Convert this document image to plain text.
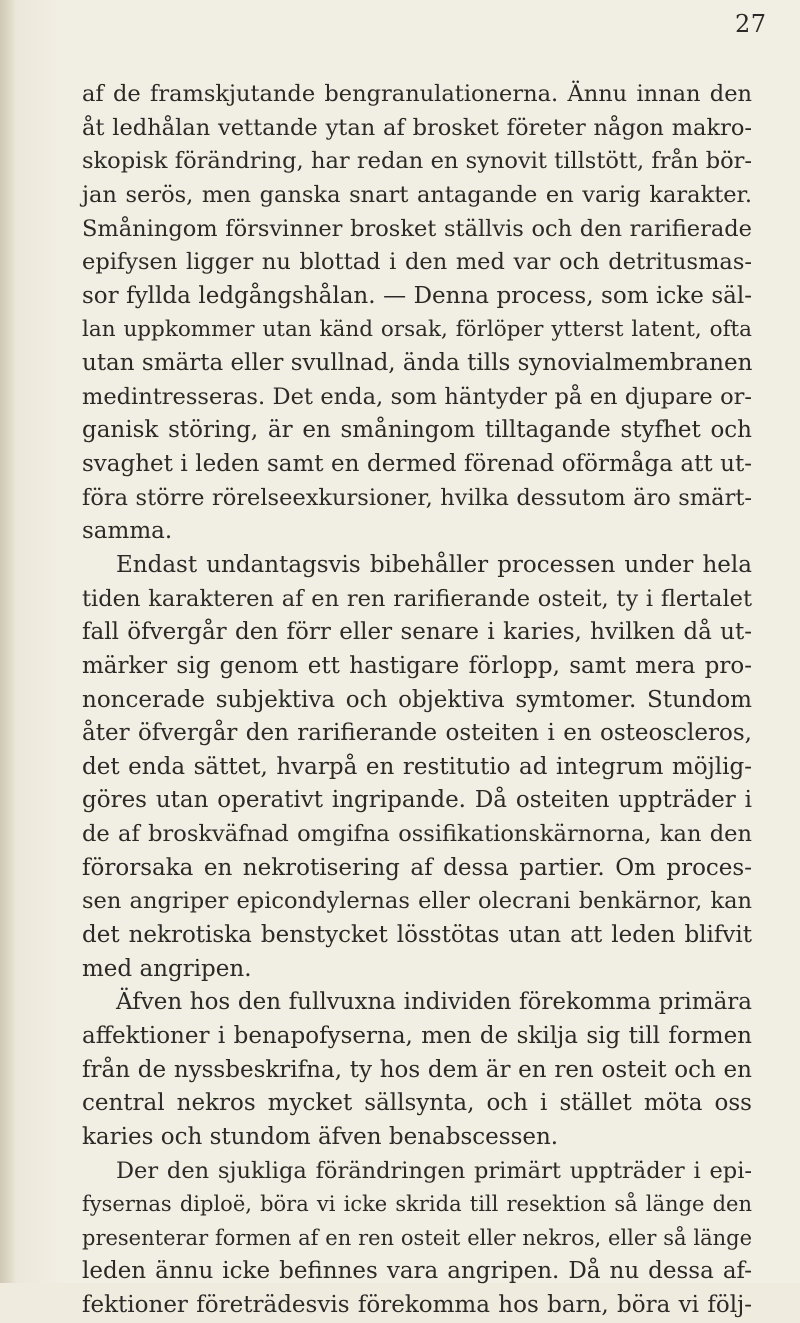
27
af de framskjutande bengranulationerna. Ännu innan den
åt ledhålan vettande ytan af brosket företer någon makro-
skopisk förändring, har redan en synovit tillstött, från bör-
jan serös, men ganska snart antagande en varig karakter.
Småningom försvinner brosket ställvis och den rarifierade
epifysen ligger nu blottad i den med var och detritusmas-
sor fyllda ledgångshålan. — Denna process, som icke säl-
lan uppkommer utan känd orsak, förlöper ytterst latent, ofta
utan smärta eller svullnad, ända tills synovialmembranen
medintresseras. Det enda, som häntyder på en djupare or-
ganisk störing, är en småningom tilltagande styfhet och
svaghet i leden samt en dermed förenad oförmåga att ut-
föra större rörelseexkursioner, hvilka dessutom äro smärt-
samma.
Endast undantagsvis bibehåller processen under hela
tiden karakteren af en ren rarifierande osteit, ty i flertalet
fall öfvergår den förr eller senare i karies, hvilken då ut-
märker sig genom ett hastigare förlopp, samt mera pro-
noncerade subjektiva och objektiva symtomer. Stundom
åter öfvergår den rarifierande osteiten i en osteoscleros,
det enda sättet, hvarpå en restitutio ad integrum möjlig-
göres utan operativt ingripande. Då osteiten uppträder i
de af broskväfnad omgifna ossifikationskärnorna, kan den
förorsaka en nekrotisering af dessa partier. Om proces-
sen angriper epicondylernas eller olecrani benkärnor, kan
det nekrotiska benstycket lösstötas utan att leden blifvit
med angripen.
Äfven hos den fullvuxna individen förekomma primära
affektioner i benapofyserna, men de skilja sig till formen
från de nyssbeskrifna, ty hos dem är en ren osteit och en
central nekros mycket sällsynta, och i stället möta oss
karies och stundom äfven benabscessen.
Der den sjukliga förändringen primärt uppträder i epi-
fysernas diploë, böra vi icke skrida till resektion så länge den
presenterar formen af en ren osteit eller nekros, eller så länge
leden ännu icke befinnes vara angripen. Då nu dessa af-
fektioner företrädesvis förekomma hos barn, böra vi följ-
